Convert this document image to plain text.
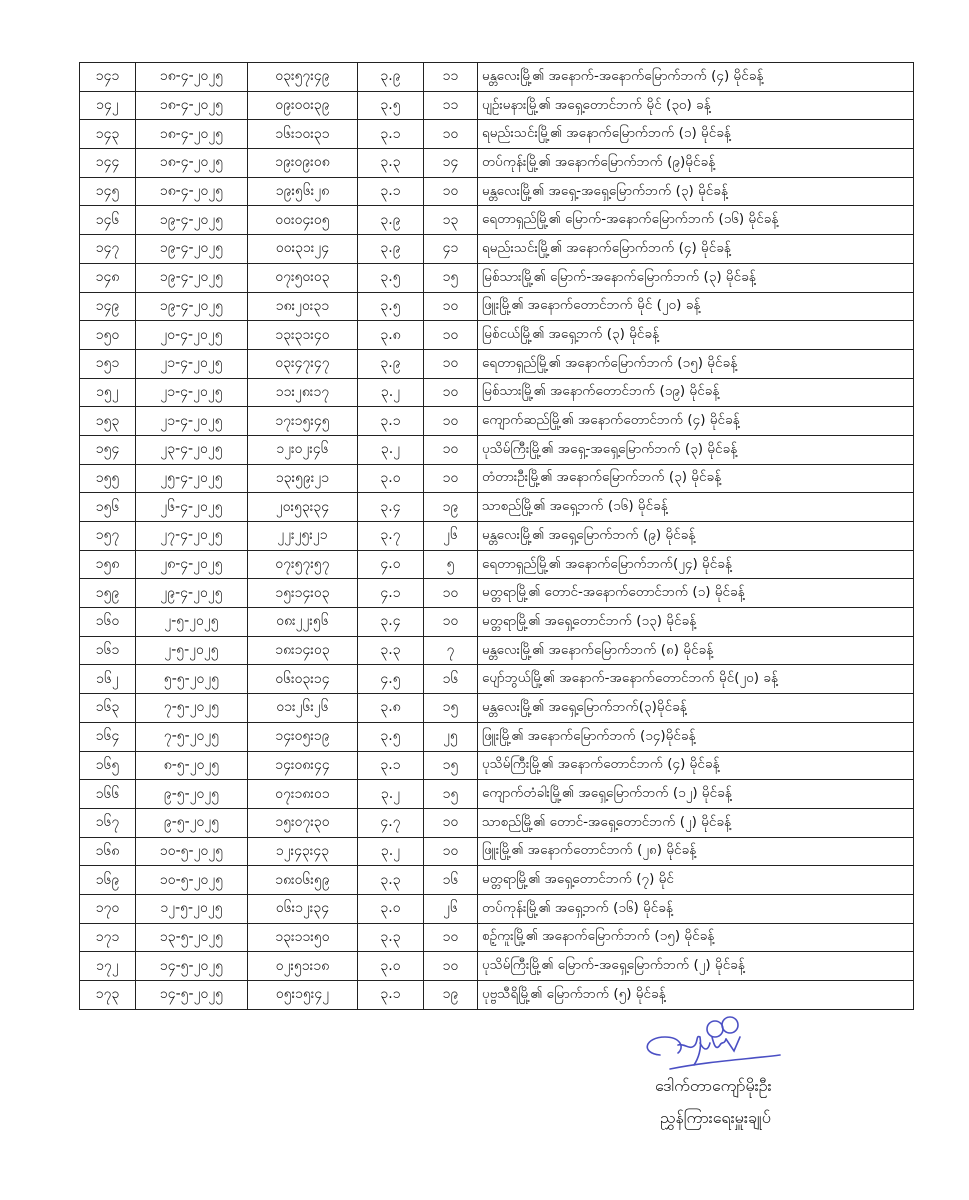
၁၄၁	၁၈-၄-၂၀၂၅	၀၃း၅၇း၄၉	၃.၉	၁၁	မန္တလေးမြို့၏ အနောက်-အနောက်မြောက်ဘက် (၄) မိုင်ခန့်
၁၄၂	၁၈-၄-၂၀၂၅	၀၉း၀၀း၃၉	၃.၅	၁၁	ပျဉ်းမနားမြို့၏ အရှေ့တောင်ဘက် မိုင် (၃၀) ခန့်
၁၄၃	၁၈-၄-၂၀၂၅	၁၆း၁၀း၃၁	၃.၁	၁၀	ရမည်းသင်းမြို့၏ အနောက်မြောက်ဘက် (၁) မိုင်ခန့်
၁၄၄	၁၈-၄-၂၀၂၅	၁၉း၀၉း၀၈	၃.၃	၁၄	တပ်ကုန်းမြို့၏ အနောက်မြောက်ဘက် (၉)မိုင်ခန့်
၁၄၅	၁၈-၄-၂၀၂၅	၁၉း၅၆း၂၈	၃.၁	၁၀	မန္တလေးမြို့၏ အရှေ့-အရှေ့မြောက်ဘက် (၃) မိုင်ခန့်
၁၄၆	၁၉-၄-၂၀၂၅	၀၀း၀၄း၀၅	၃.၉	၁၃	ရေတာရှည်မြို့၏ မြောက်-အနောက်မြောက်ဘက် (၁၆) မိုင်ခန့်
၁၄၇	၁၉-၄-၂၀၂၅	၀၀း၃၁း၂၄	၃.၉	၄၁	ရမည်းသင်းမြို့၏ အနောက်မြောက်ဘက် (၄) မိုင်ခန့်
၁၄၈	၁၉-၄-၂၀၂၅	၀၇း၅၀း၀၃	၃.၅	၁၅	မြစ်သားမြို့၏ မြောက်-အနောက်မြောက်ဘက် (၃) မိုင်ခန့်
၁၄၉	၁၉-၄-၂၀၂၅	၁၈း၂၀း၃၁	၃.၅	၁၀	ဖြူးမြို့၏ အနောက်တောင်ဘက် မိုင် (၂၀) ခန့်
၁၅၀	၂၀-၄-၂၀၂၅	၁၃း၃၁း၄၀	၃.၈	၁၀	မြစ်ငယ်မြို့၏ အရှေ့ဘက် (၃) မိုင်ခန့်
၁၅၁	၂၁-၄-၂၀၂၅	၀၃း၄၇း၄၇	၃.၉	၁၀	ရေတာရှည်မြို့၏ အနောက်မြောက်ဘက် (၁၅) မိုင်ခန့်
၁၅၂	၂၁-၄-၂၀၂၅	၁၁း၂၈း၁၇	၃.၂	၁၀	မြစ်သားမြို့၏ အနောက်တောင်ဘက် (၁၉) မိုင်ခန့်
၁၅၃	၂၁-၄-၂၀၂၅	၁၇း၁၅း၄၅	၃.၁	၁၀	ကျောက်ဆည်မြို့၏ အနောက်တောင်ဘက် (၄) မိုင်ခန့်
၁၅၄	၂၃-၄-၂၀၂၅	၁၂း၀၂း၄၆	၃.၂	၁၀	ပုသိမ်ကြီးမြို့၏ အရှေ့-အရှေ့မြောက်ဘက် (၃) မိုင်ခန့်
၁၅၅	၂၅-၄-၂၀၂၅	၁၃း၅၉း၂၁	၃.၀	၁၀	တံတားဦးမြို့၏ အနောက်မြောက်ဘက် (၃) မိုင်ခန့်
၁၅၆	၂၆-၄-၂၀၂၅	၂၀း၅၃း၃၄	၃.၄	၁၉	သာစည်မြို့၏ အရှေ့ဘက် (၁၆) မိုင်ခန့်
၁၅၇	၂၇-၄-၂၀၂၅	၂၂း၂၅း၂၁	၃.၇	၂၆	မန္တလေးမြို့၏ အရှေ့မြောက်ဘက် (၉) မိုင်ခန့်
၁၅၈	၂၈-၄-၂၀၂၅	၀၇း၅၇း၅၇	၄.၀	၅	ရေတာရှည်မြို့၏ အနောက်မြောက်ဘက်(၂၄) မိုင်ခန့်
၁၅၉	၂၉-၄-၂၀၂၅	၁၅း၁၄း၀၃	၄.၁	၁၀	မတ္တရာမြို့၏ တောင်-အနောက်တောင်ဘက် (၁) မိုင်ခန့်
၁၆၀	၂-၅-၂၀၂၅	၀၈း၂၂း၅၆	၃.၄	၁၀	မတ္တရာမြို့၏ အရှေ့တောင်ဘက် (၁၃) မိုင်ခန့်
၁၆၁	၂-၅-၂၀၂၅	၁၈း၁၄း၀၃	၃.၃	၇	မန္တလေးမြို့၏ အနောက်မြောက်ဘက် (၈) မိုင်ခန့်
၁၆၂	၅-၅-၂၀၂၅	၀၆း၀၃း၁၄	၄.၅	၁၆	ပျော်ဘွယ်မြို့၏ အနောက်-အနောက်တောင်ဘက် မိုင်(၂၀) ခန့်
၁၆၃	၇-၅-၂၀၂၅	၀၁း၂၆း၂၆	၃.၈	၁၅	မန္တလေးမြို့၏ အရှေ့မြောက်ဘက်(၃)မိုင်ခန့်
၁၆၄	၇-၅-၂၀၂၅	၁၄း၀၅း၁၉	၃.၅	၂၅	ဖြူးမြို့၏ အနောက်မြောက်ဘက် (၁၄)မိုင်ခန့်
၁၆၅	၈-၅-၂၀၂၅	၁၄း၀၈း၄၄	၃.၁	၁၅	ပုသိမ်ကြီးမြို့၏ အနောက်တောင်ဘက် (၄) မိုင်ခန့်
၁၆၆	၉-၅-၂၀၂၅	၀၇း၁၈း၀၁	၃.၂	၁၅	ကျောက်တံခါးမြို့၏ အရှေ့မြောက်ဘက် (၁၂) မိုင်ခန့်
၁၆၇	၉-၅-၂၀၂၅	၁၅း၀၇း၃၀	၄.၇	၁၀	သာစည်မြို့၏ တောင်-အရှေ့တောင်ဘက် (၂) မိုင်ခန့်
၁၆၈	၁၀-၅-၂၀၂၅	၁၂း၄၃း၄၃	၃.၂	၁၀	ဖြူးမြို့၏ အနောက်တောင်ဘက် (၂၈) မိုင်ခန့်
၁၆၉	၁၀-၅-၂၀၂၅	၁၈း၀၆း၅၉	၃.၃	၁၆	မတ္တရာမြို့၏ အရှေ့တောင်ဘက် (၇) မိုင်
၁၇၀	၁၂-၅-၂၀၂၅	၀၆း၁၂း၃၄	၃.၀	၂၆	တပ်ကုန်းမြို့၏ အရှေ့ဘက် (၁၆) မိုင်ခန့်
၁၇၁	၁၃-၅-၂၀၂၅	၁၃း၁၁း၅၀	၃.၃	၁၀	စဉ့်ကူးမြို့၏ အနောက်မြောက်ဘက် (၁၅) မိုင်ခန့်
၁၇၂	၁၄-၅-၂၀၂၅	၀၂း၅၁း၁၈	၃.၀	၁၀	ပုသိမ်ကြီးမြို့၏ မြောက်-အရှေ့မြောက်ဘက် (၂) မိုင်ခန့်
၁၇၃	၁၄-၅-၂၀၂၅	၀၅း၁၅း၄၂	၃.၁	၁၉	ပုဗ္ဗသီရိမြို့၏ မြောက်ဘက် (၅) မိုင်ခန့်
ဒေါက်တာကျော်မိုးဦး
ညွှန်ကြားရေးမှူးချုပ်
